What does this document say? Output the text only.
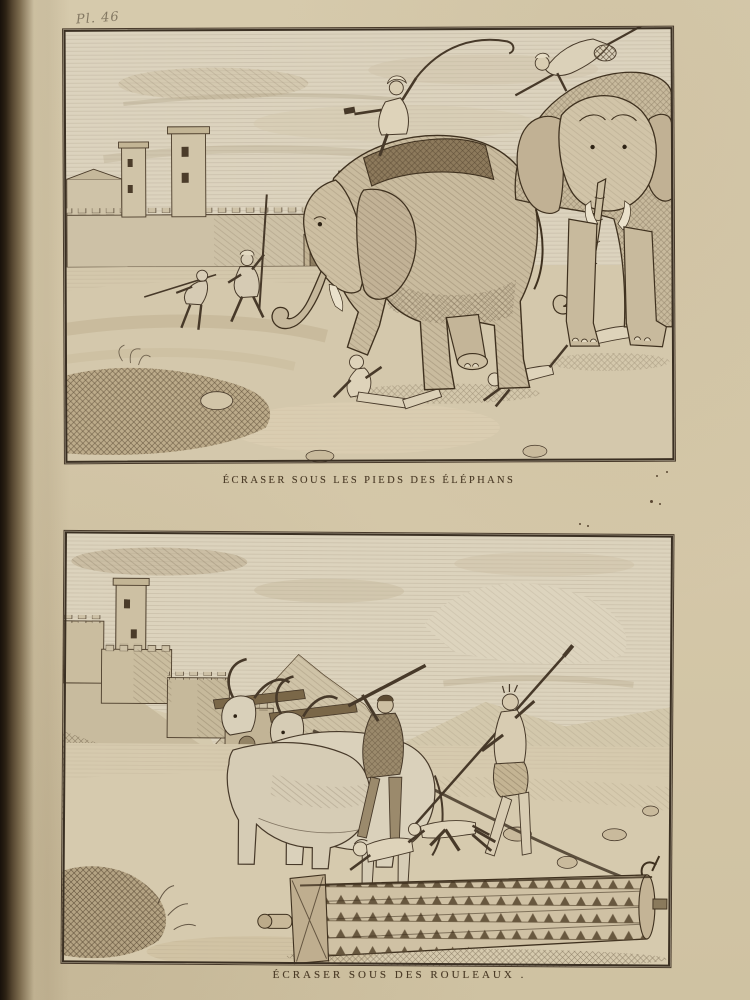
Pl. 46
ÉCRASER SOUS LES PIEDS DES ÉLÉPHANS
ÉCRASER SOUS DES ROULEAUX .
